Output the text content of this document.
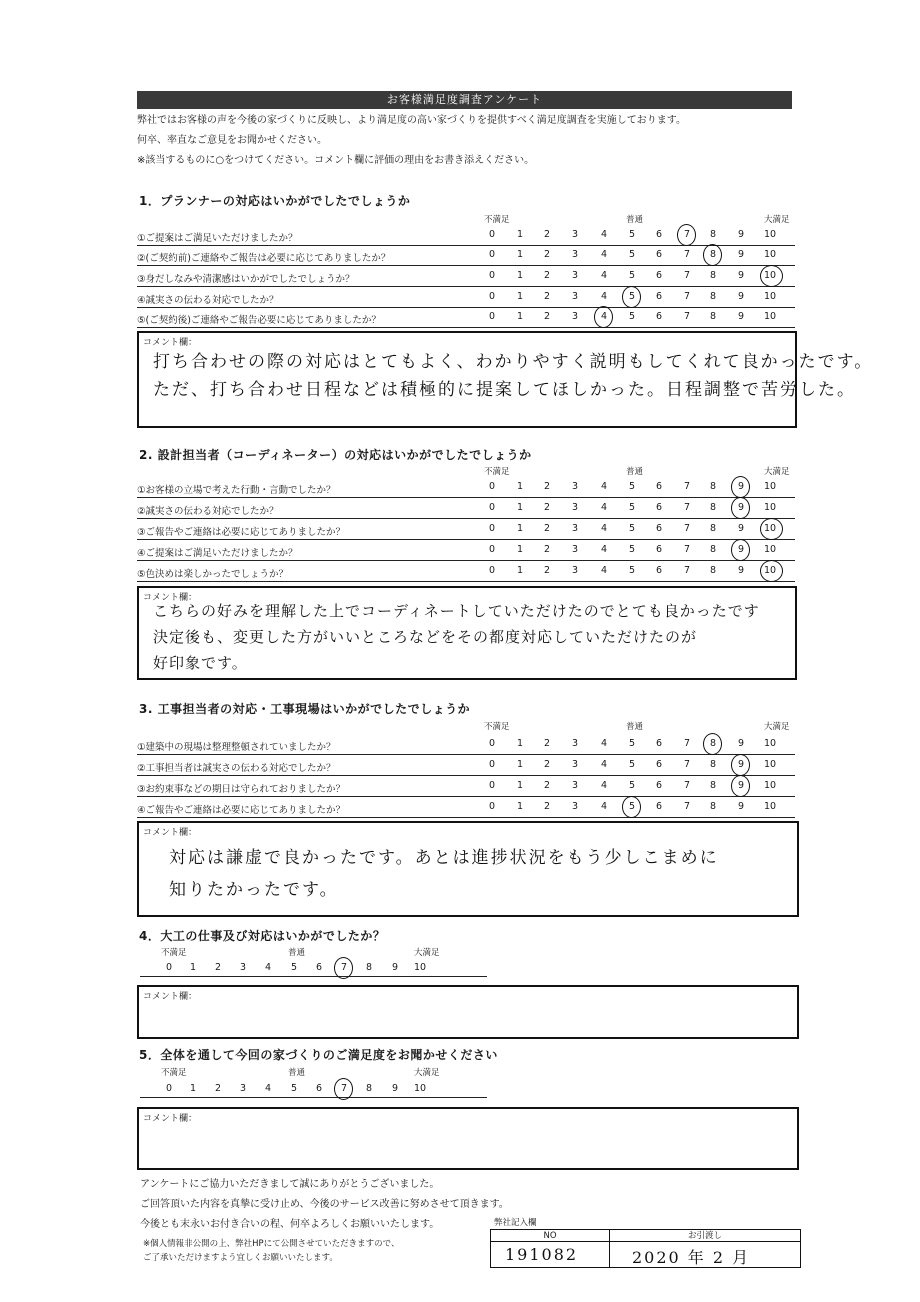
お客様満足度調査アンケート
弊社ではお客様の声を今後の家づくりに反映し、より満足度の高い家づくりを提供すべく満足度調査を実施しております。
何卒、率直なご意見をお聞かせください。
※該当するものに○をつけてください。コメント欄に評価の理由をお書き添えください。
1．プランナーの対応はいかがでしたでしょうか
コメント欄：
打ち合わせの際の対応はとてもよく、わかりやすく説明もしてくれて良かったです。
ただ、打ち合わせ日程などは積極的に提案してほしかった。日程調整で苦労した。
2. 設計担当者（コーディネーター）の対応はいかがでしたでしょうか
コメント欄：
こちらの好みを理解した上でコーディネートしていただけたのでとても良かったです
決定後も、変更した方がいいところなどをその都度対応していただけたのが
好印象です。
3. 工事担当者の対応・工事現場はいかがでしたでしょうか
コメント欄：
対応は謙虚で良かったです。あとは進捗状況をもう少しこまめに
知りたかったです。
4．大工の仕事及び対応はいかがでしたか？
コメント欄：
5．全体を通して今回の家づくりのご満足度をお聞かせください
コメント欄：
アンケートにご協力いただきまして誠にありがとうございました。
ご回答頂いた内容を真摯に受け止め、今後のサービス改善に努めさせて頂きます。
今後とも末永いお付き合いの程、何卒よろしくお願いいたします。
※個人情報非公開の上、弊社HPにて公開させていただきますので、
ご了承いただけますよう宜しくお願いいたします。
弊社記入欄
NO	お引渡し
191082	2020 年 2 月
不満足	普通	大満足
①ご提案はご満足いただけましたか？	0	1	2	3	4	5	6	7	8	9	10
②(ご契約前)ご連絡やご報告は必要に応じてありましたか？	0	1	2	3	4	5	6	7	8	9	10
③身だしなみや清潔感はいかがでしたでしょうか？	0	1	2	3	4	5	6	7	8	9	10
④誠実さの伝わる対応でしたか？	0	1	2	3	4	5	6	7	8	9	10
⑤(ご契約後)ご連絡やご報告必要に応じてありましたか？	0	1	2	3	4	5	6	7	8	9	10
不満足	普通	大満足
①お客様の立場で考えた行動・言動でしたか？	0	1	2	3	4	5	6	7	8	9	10
②誠実さの伝わる対応でしたか？	0	1	2	3	4	5	6	7	8	9	10
③ご報告やご連絡は必要に応じてありましたか？	0	1	2	3	4	5	6	7	8	9	10
④ご提案はご満足いただけましたか？	0	1	2	3	4	5	6	7	8	9	10
⑤色決めは楽しかったでしょうか？	0	1	2	3	4	5	6	7	8	9	10
不満足	普通	大満足
①建築中の現場は整理整頓されていましたか？	0	1	2	3	4	5	6	7	8	9	10
②工事担当者は誠実さの伝わる対応でしたか？	0	1	2	3	4	5	6	7	8	9	10
③お約束事などの期日は守られておりましたか？	0	1	2	3	4	5	6	7	8	9	10
④ご報告やご連絡は必要に応じてありましたか？	0	1	2	3	4	5	6	7	8	9	10
不満足	普通	大満足
0	1	2	3	4	5	6	7	8	9	10
不満足	普通	大満足
0	1	2	3	4	5	6	7	8	9	10
